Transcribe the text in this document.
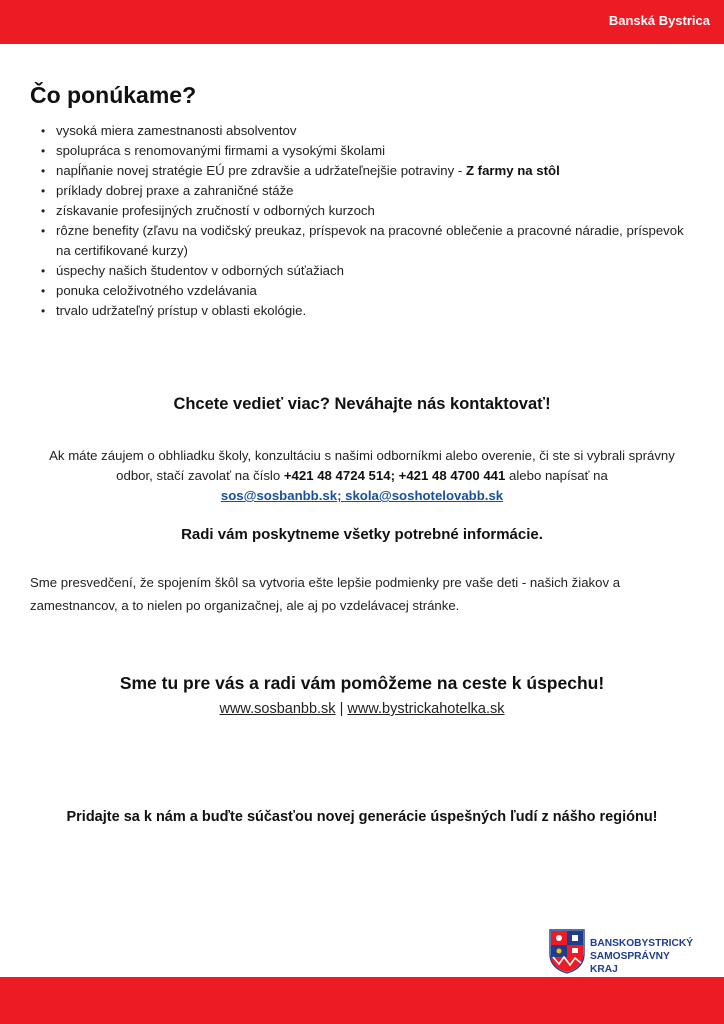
Banská Bystrica
Čo ponúkame?
• vysoká miera zamestnanosti absolventov
• spolupráca s renomovanými firmami a vysokými školami
• napĺňanie novej stratégie EÚ pre zdravšie a udržateľnejšie potraviny - Z farmy na stôl
• príklady dobrej praxe a zahraničné stáže
• získavanie profesijných zručností v odborných kurzoch
• rôzne benefity (zľavu na vodičský preukaz, príspevok na pracovné oblečenie a pracovné náradie, príspevok na certifikované kurzy)
• úspechy našich študentov v odborných súťažiach
• ponuka celoživotného vzdelávania
• trvalo udržateľný prístup v oblasti ekológie.
Chcete vedieť viac? Neváhajte nás kontaktovať!

Ak máte záujem o obhliadku školy, konzultáciu s našimi odborníkmi alebo overenie, či ste si vybrali správny odbor, stačí zavolať na číslo +421 48 4724 514; +421 48 4700 441 alebo napísať na
sos@sosbanbb.sk; skola@soshotelovabb.sk

Radi vám poskytneme všetky potrebné informácie.

Sme presvedčení, že spojením škôl sa vytvoria ešte lepšie podmienky pre vaše deti - našich žiakov a zamestnancov, a to nielen po organizačnej, ale aj po vzdelávacej stránke.

Sme tu pre vás a radi vám pomôžeme na ceste k úspechu!
www.sosbanbb.sk | www.bystrickahotelka.sk

Pridajte sa k nám a buďte súčasťou novej generácie úspešných ľudí z nášho regiónu!

BANSKOBYSTRICKÝ
SAMOSPRÁVNY KRAJ
